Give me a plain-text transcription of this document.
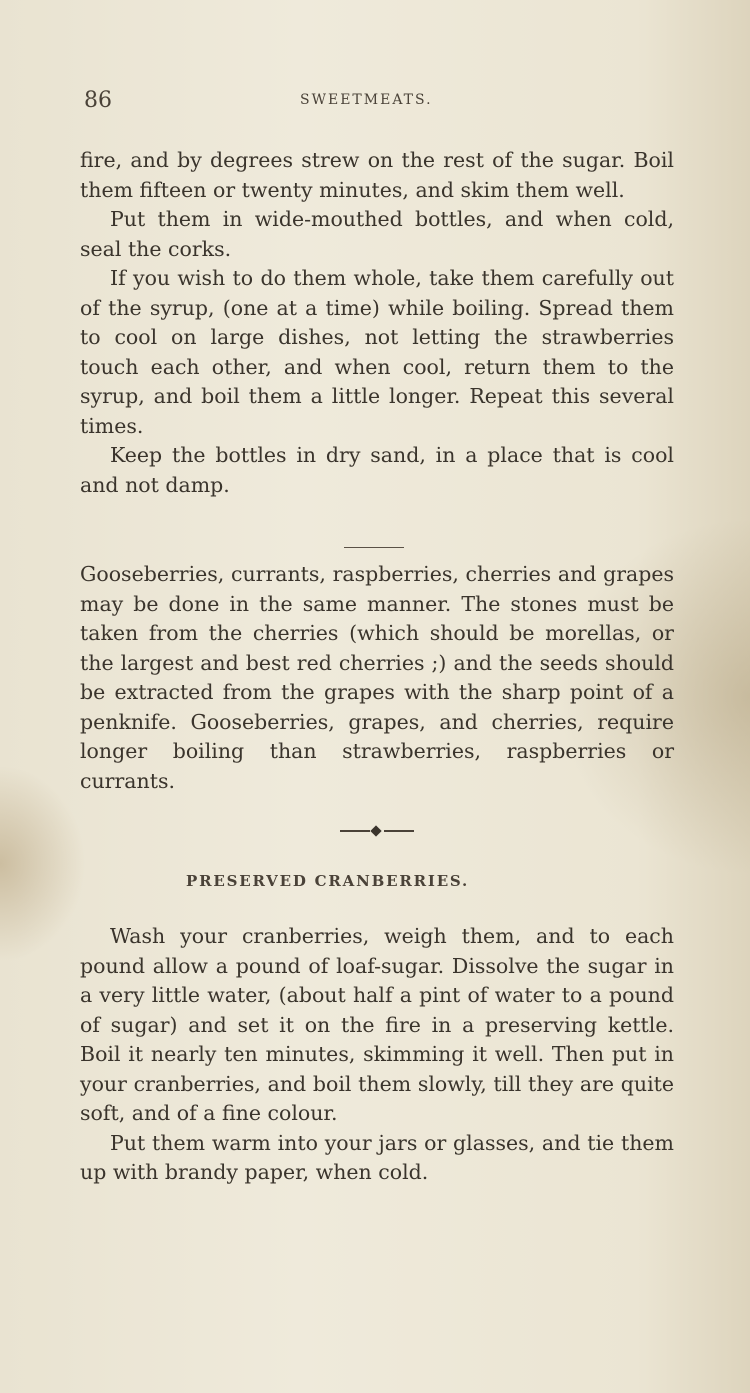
86	SWEETMEATS.

fire, and by degrees strew on the rest of the sugar. Boil them fifteen or twenty minutes, and skim them well.

Put them in wide-mouthed bottles, and when cold, seal the corks.

If you wish to do them whole, take them carefully out of the syrup, (one at a time) while boiling. Spread them to cool on large dishes, not letting the strawberries touch each other, and when cool, return them to the syrup, and boil them a little longer. Repeat this several times.

Keep the bottles in dry sand, in a place that is cool and not damp.

Gooseberries, currants, raspberries, cherries and grapes may be done in the same manner. The stones must be taken from the cherries (which should be morellas, or the largest and best red cherries ;) and the seeds should be extracted from the grapes with the sharp point of a penknife. Gooseberries, grapes, and cherries, require longer boiling than strawberries, raspberries or currants.

PRESERVED CRANBERRIES.

Wash your cranberries, weigh them, and to each pound allow a pound of loaf-sugar. Dissolve the sugar in a very little water, (about half a pint of water to a pound of sugar) and set it on the fire in a preserving kettle. Boil it nearly ten minutes, skimming it well. Then put in your cranberries, and boil them slowly, till they are quite soft, and of a fine colour.

Put them warm into your jars or glasses, and tie them up with brandy paper, when cold.
